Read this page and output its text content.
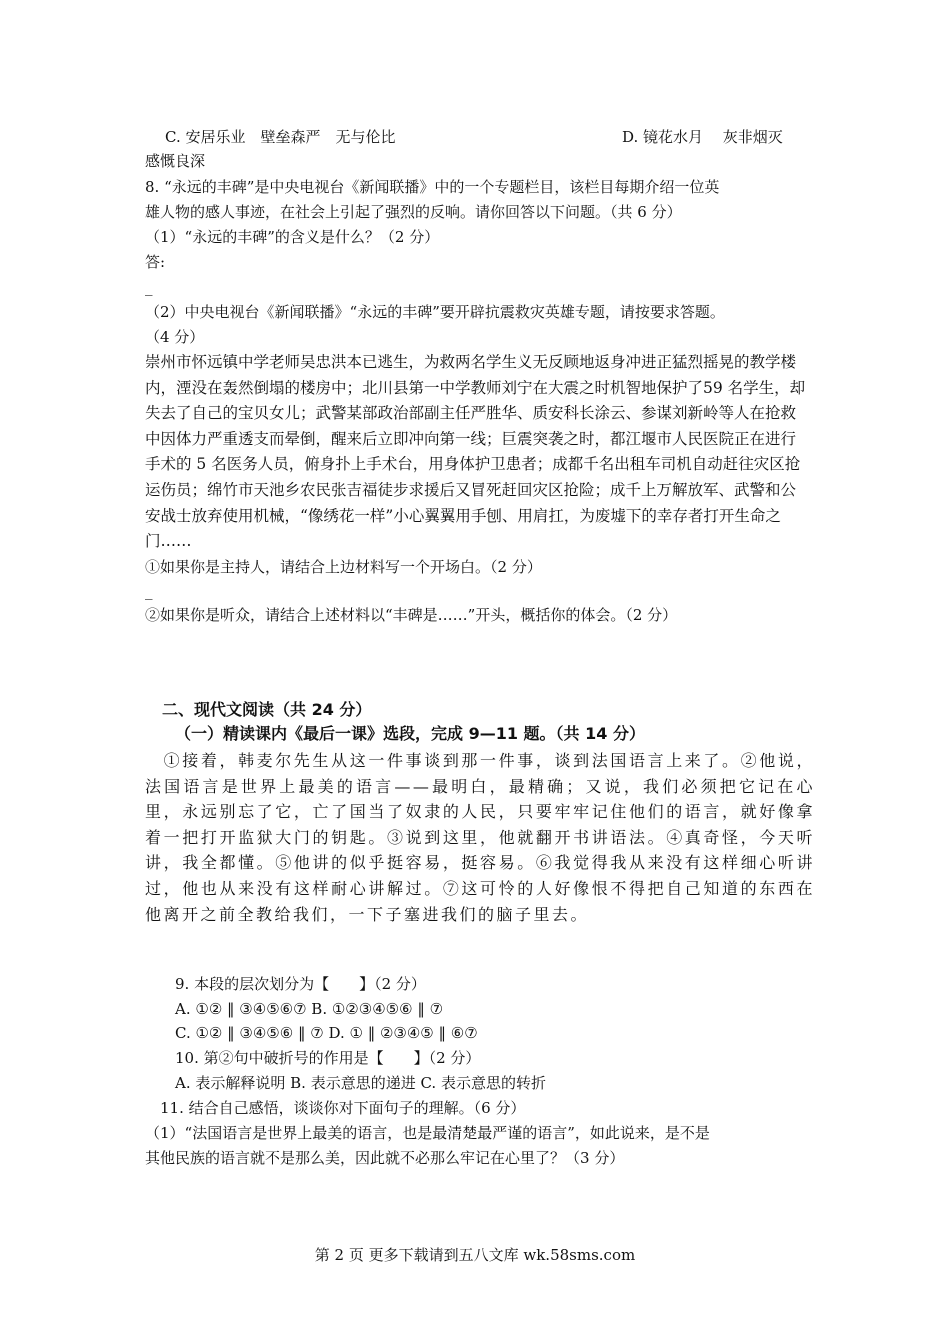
C. 安居乐业　壁垒森严　无与伦比	D. 镜花水月　 灰非烟灭
感慨良深
8. “永远的丰碑”是中央电视台《新闻联播》中的一个专题栏目，该栏目每期介绍一位英
雄人物的感人事迹，在社会上引起了强烈的反响。请你回答以下问题。（共 6 分）
（1）“永远的丰碑”的含义是什么？（2 分）
答:
_
（2）中央电视台《新闻联播》“永远的丰碑”要开辟抗震救灾英雄专题，请按要求答题。
（4 分）
崇州市怀远镇中学老师吴忠洪本已逃生，为救两名学生义无反顾地返身冲进正猛烈摇晃的教学楼内，湮没在轰然倒塌的楼房中；北川县第一中学教师刘宁在大震之时机智地保护了59 名学生，却失去了自己的宝贝女儿；武警某部政治部副主任严胜华、质安科长涂云、参谋刘新岭等人在抢救中因体力严重透支而晕倒，醒来后立即冲向第一线；巨震突袭之时，都江堰市人民医院正在进行手术的 5 名医务人员，俯身扑上手术台，用身体护卫患者；成都千名出租车司机自动赶往灾区抢运伤员；绵竹市天池乡农民张吉福徒步求援后又冒死赶回灾区抢险；成千上万解放军、武警和公安战士放弃使用机械，“像绣花一样”小心翼翼用手刨、用肩扛，为废墟下的幸存者打开生命之门……
①如果你是主持人，请结合上边材料写一个开场白。（2 分）
_
②如果你是听众，请结合上述材料以“丰碑是……”开头，概括你的体会。（2 分）
二、现代文阅读（共 24 分）
（一）精读课内《最后一课》选段，完成 9—11 题。（共 14 分）
　①接着，韩麦尔先生从这一件事谈到那一件事，谈到法国语言上来了。②他说，法国语言是世界上最美的语言——最明白，最精确；又说，我们必须把它记在心里，永远别忘了它，亡了国当了奴隶的人民，只要牢牢记住他们的语言，就好像拿着一把打开监狱大门的钥匙。③说到这里，他就翻开书讲语法。④真奇怪，今天听讲，我全都懂。⑤他讲的似乎挺容易，挺容易。⑥我觉得我从来没有这样细心听讲过，他也从来没有这样耐心讲解过。⑦这可怜的人好像恨不得把自己知道的东西在他离开之前全教给我们，一下子塞进我们的脑子里去。
9. 本段的层次划分为【　　】（2 分）
A. ①② ‖ ③④⑤⑥⑦ B. ①②③④⑤⑥ ‖ ⑦
C. ①② ‖ ③④⑤⑥ ‖ ⑦ D. ① ‖ ②③④⑤ ‖ ⑥⑦
10. 第②句中破折号的作用是【　　】（2 分）
A. 表示解释说明 B. 表示意思的递进 C. 表示意思的转折
11. 结合自己感悟，谈谈你对下面句子的理解。（6 分）
（1）“法国语言是世界上最美的语言，也是最清楚最严谨的语言”，如此说来，是不是
其他民族的语言就不是那么美，因此就不必那么牢记在心里了？（3 分）
第 2 页 更多下载请到五八文库 wk.58sms.com
